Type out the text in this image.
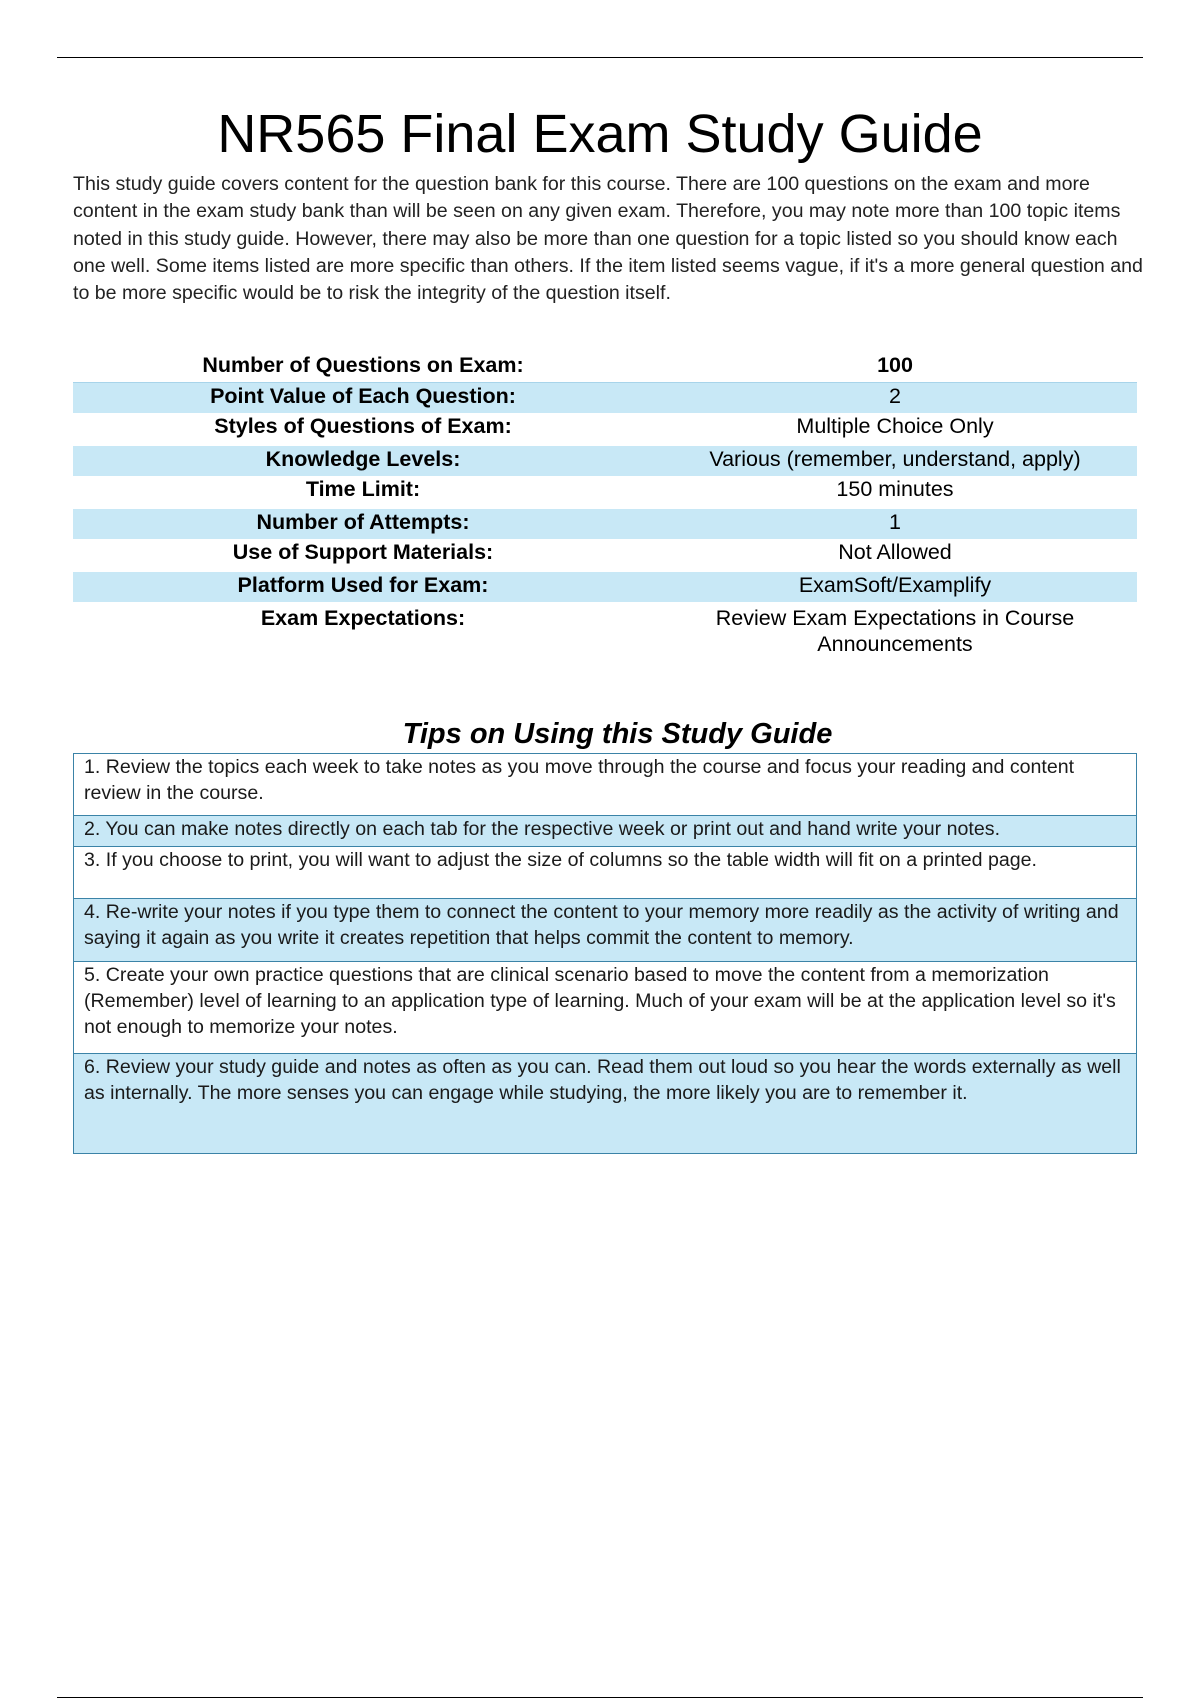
NR565 Final Exam Study Guide

This study guide covers content for the question bank for this course. There are 100 questions on the exam and more content in the exam study bank than will be seen on any given exam. Therefore, you may note more than 100 topic items noted in this study guide. However, there may also be more than one question for a topic listed so you should know each one well. Some items listed are more specific than others. If the item listed seems vague, if it's a more general question and to be more specific would be to risk the integrity of the question itself.

Number of Questions on Exam:	100
Point Value of Each Question:	2
Styles of Questions of Exam:	Multiple Choice Only
Knowledge Levels:	Various (remember, understand, apply)
Time Limit:	150 minutes
Number of Attempts:	1
Use of Support Materials:	Not Allowed
Platform Used for Exam:	ExamSoft/Examplify
Exam Expectations:	Review Exam Expectations in Course Announcements
Tips on Using this Study Guide
1. Review the topics each week to take notes as you move through the course and focus your reading and content review in the course.
2. You can make notes directly on each tab for the respective week or print out and hand write your notes.
3. If you choose to print, you will want to adjust the size of columns so the table width will fit on a printed page.
4. Re-write your notes if you type them to connect the content to your memory more readily as the activity of writing and saying it again as you write it creates repetition that helps commit the content to memory.
5. Create your own practice questions that are clinical scenario based to move the content from a memorization (Remember) level of learning to an application type of learning. Much of your exam will be at the application level so it's not enough to memorize your notes.
6. Review your study guide and notes as often as you can. Read them out loud so you hear the words externally as well as internally. The more senses you can engage while studying, the more likely you are to remember it.
